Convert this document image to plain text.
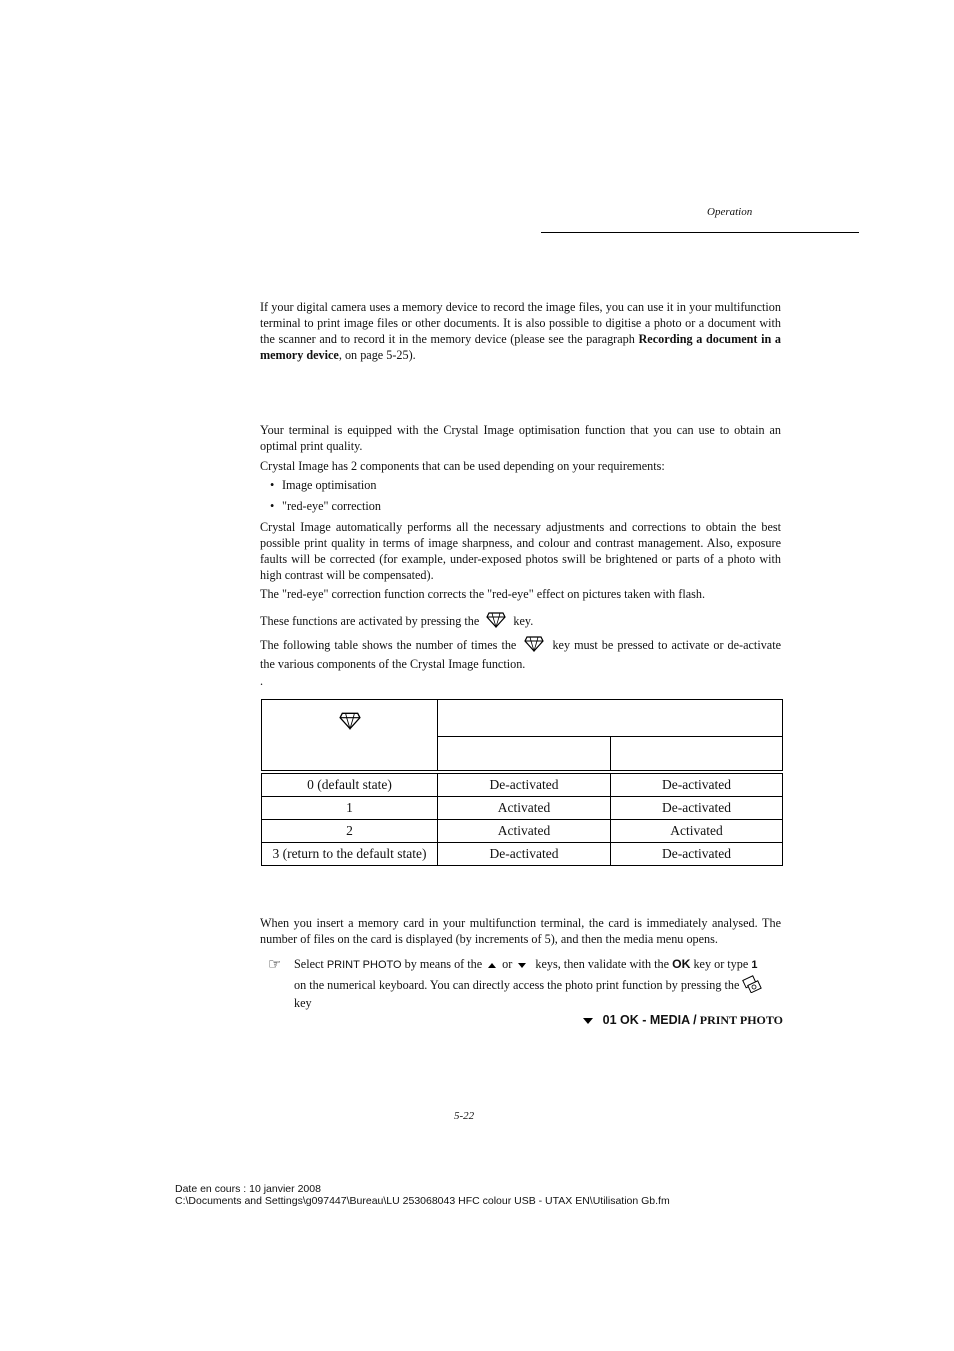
Operation
If your digital camera uses a memory device to record the image files, you can use it in your multifunction terminal to print image files or other documents. It is also possible to digitise a photo or a document with the scanner and to record it in the memory device (please see the paragraph Recording a document in a memory device, on page 5-25).
Your terminal is equipped with the Crystal Image optimisation function that you can use to obtain an optimal print quality.
Crystal Image has 2 components that can be used depending on your requirements:
• Image optimisation
• "red-eye" correction
Crystal Image automatically performs all the necessary adjustments and corrections to obtain the best possible print quality in terms of image sharpness, and colour and contrast management. Also, exposure faults will be corrected (for example, under-exposed photos swill be brightened or parts of a photo with high contrast will be compensated).
The "red-eye" correction function corrects the "red-eye" effect on pictures taken with flash.
These functions are activated by pressing the	key.
The following table shows the number of times the	key must be pressed to activate or de-activate the various components of the Crystal Image function.
.

0 (default state)	De-activated	De-activated
1	Activated	De-activated
2	Activated	Activated
3 (return to the default state)	De-activated	De-activated
When you insert a memory card in your multifunction terminal, the card is immediately analysed. The number of files on the card is displayed (by increments of 5), and then the media menu opens.
☞ Select PRINT PHOTO by means of the or keys, then validate with the OK key or type 1
on the numerical keyboard. You can directly access the photo print function by pressing the
key
01 OK - MEDIA / PRINT PHOTO
5-22
Date en cours : 10 janvier 2008
C:\Documents and Settings\g097447\Bureau\LU 253068043 HFC colour USB - UTAX EN\Utilisation Gb.fm
